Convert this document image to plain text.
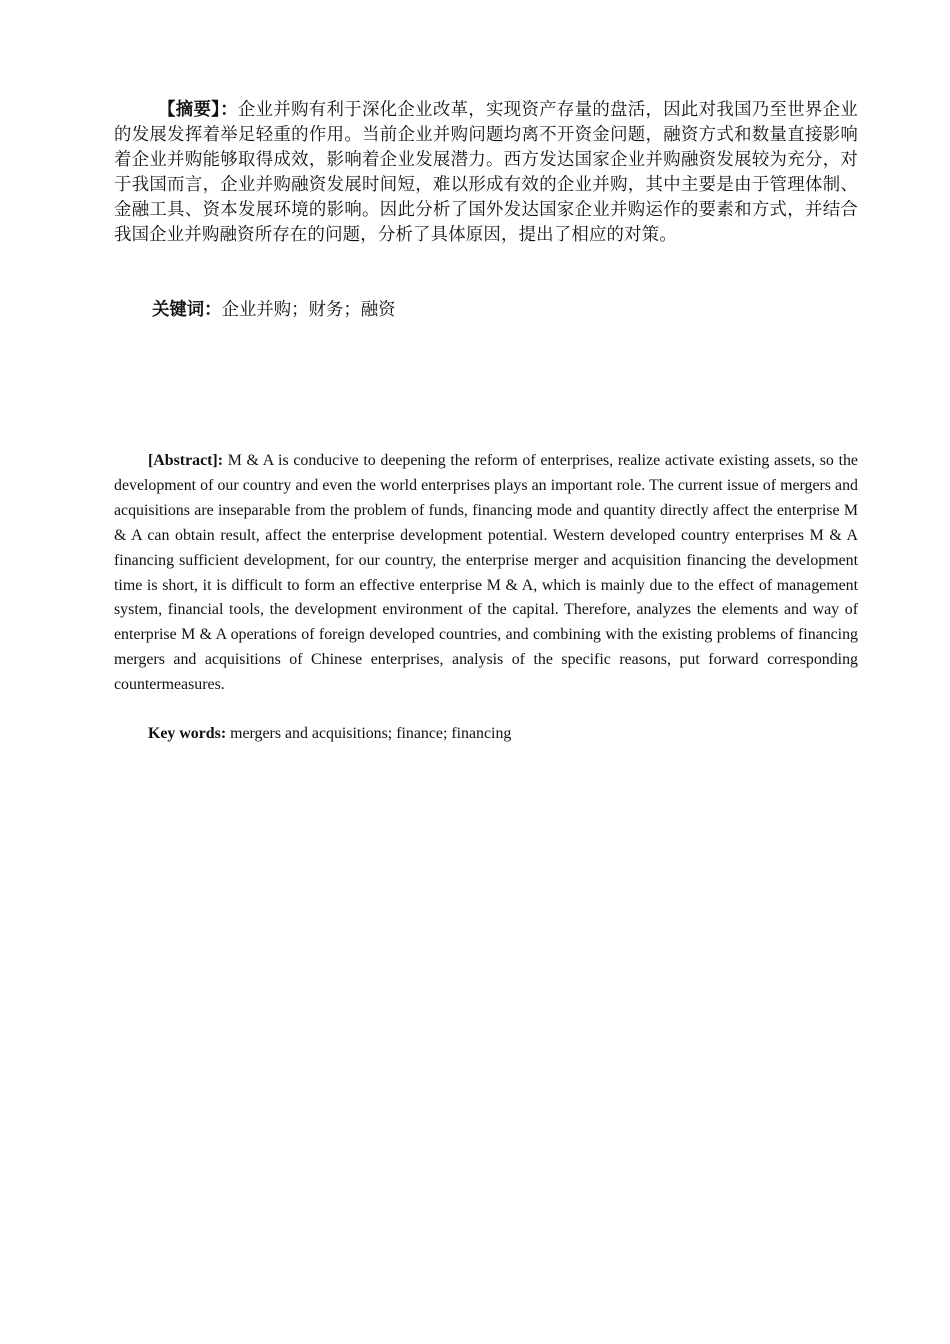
【摘要】：企业并购有利于深化企业改革，实现资产存量的盘活，因此对我国乃至世界企业的发展发挥着举足轻重的作用。当前企业并购问题均离不开资金问题，融资方式和数量直接影响着企业并购能够取得成效，影响着企业发展潜力。西方发达国家企业并购融资发展较为充分，对于我国而言，企业并购融资发展时间短，难以形成有效的企业并购，其中主要是由于管理体制、金融工具、资本发展环境的影响。因此分析了国外发达国家企业并购运作的要素和方式，并结合我国企业并购融资所存在的问题，分析了具体原因，提出了相应的对策。

关键词：企业并购；财务；融资

[Abstract]: M & A is conducive to deepening the reform of enterprises, realize activate existing assets, so the development of our country and even the world enterprises plays an important role. The current issue of mergers and acquisitions are inseparable from the problem of funds, financing mode and quantity directly affect the enterprise M & A can obtain result, affect the enterprise development potential. Western developed country enterprises M & A financing sufficient development, for our country, the enterprise merger and acquisition financing the development time is short, it is difficult to form an effective enterprise M & A, which is mainly due to the effect of management system, financial tools, the development environment of the capital. Therefore, analyzes the elements and way of enterprise M & A operations of foreign developed countries, and combining with the existing problems of financing mergers and acquisitions of Chinese enterprises, analysis of the specific reasons, put forward corresponding countermeasures.

Key words: mergers and acquisitions; finance; financing
